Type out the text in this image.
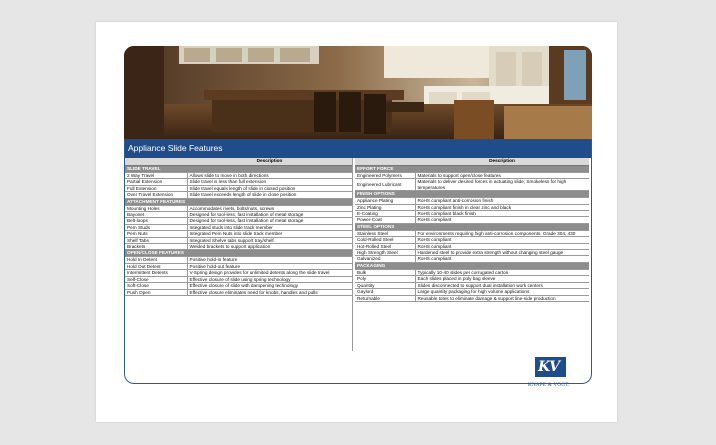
Appliance Slide Features
	Description
SLIDE TRAVEL	
2 Way Travel	Allows slide to move in both directions
Partial Extension	Slide travel is less than full extension
Full Extension	Slide travel equals length of slide in closed position
Over Travel Extension	Slide travel exceeds length of slide in close position
ATTACHMENT FEATURES	
Mounting Holes	Accommodates rivets, bolts/nuts, screws
Bayonet	Designed for tool-less, fast installation of metal storage
Belt-loops	Designed for tool-less, fast installation of metal storage
Pem Studs	Integrated studs into slide track member
Pem Nuts	Integrated Pem Nuts into slide track member
Shelf Tabs	Integrated Shelve tabs support tray/shelf
Brackets	Welded brackets to support application
OPEN/CLOSE FEATURES	
Hold In Detent	Positive hold-in feature
Hold Out Detent	Positive hold-out feature
Intermittent Detents	V-Spring design provides for unlimited detents along the slide travel
Self-Close	Effective closure of slide using spring technology
Soft-Close	Effective closure of slide with dampening technology
Push Open	Effective closure eliminates need for knobs, handles and pulls
	Description
EFFORT FORCE	
Engineered Polymers	Materials to support open/close features
Engineered Lubricant	Materials to deliver desired forces in actuating slide; Smokeless for high temperatures
FINISH OPTIONS	
Appliance Plating	RoHS compliant anti-corrosion finish
Zinc Plating	RoHS compliant finish in clear zinc and black
E-Coating	RoHS compliant black finish
Power-Coat	RoHS compliant
STEEL OPTIONS	
Stainless Steel	For environments requiring high anti-corrosion components. Grade 304, 430
Cold-Rolled Steel	RoHS compliant
Hot-Rolled Steel	RoHS compliant
High Strength Steel	Hardened steel to provide extra strength without changing steel gauge
Galvanized	RoHS compliant
PACKAGING	
Bulk	Typically 10-40 slides per corrugated carton
Poly	Each slides placed in poly bag sleeve
Quantity	Slides disconnected to support dual installation work centers
Gaylord	Large quantity packaging for high volume applications
Returnable	Reusable totes to eliminate damage & support line-side production
KV
KNAPE & VOGT.
